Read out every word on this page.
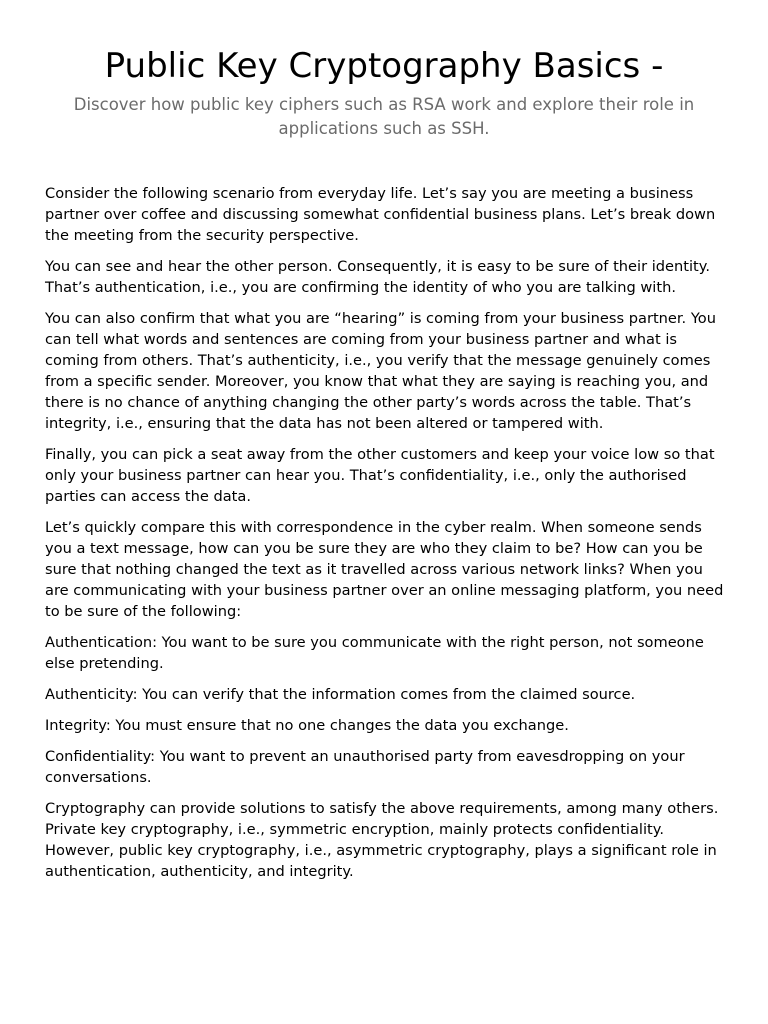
Public Key Cryptography Basics -

Discover how public key ciphers such as RSA work and explore their role in applications such as SSH.

Consider the following scenario from everyday life. Let’s say you are meeting a business partner over coffee and discussing somewhat confidential business plans. Let’s break down the meeting from the security perspective.

You can see and hear the other person. Consequently, it is easy to be sure of their identity. That’s authentication, i.e., you are confirming the identity of who you are talking with.

You can also confirm that what you are “hearing” is coming from your business partner. You can tell what words and sentences are coming from your business partner and what is coming from others. That’s authenticity, i.e., you verify that the message genuinely comes from a specific sender. Moreover, you know that what they are saying is reaching you, and there is no chance of anything changing the other party’s words across the table. That’s integrity, i.e., ensuring that the data has not been altered or tampered with.

Finally, you can pick a seat away from the other customers and keep your voice low so that only your business partner can hear you. That’s confidentiality, i.e., only the authorised parties can access the data.

Let’s quickly compare this with correspondence in the cyber realm. When someone sends you a text message, how can you be sure they are who they claim to be? How can you be sure that nothing changed the text as it travelled across various network links? When you are communicating with your business partner over an online messaging platform, you need to be sure of the following:

Authentication: You want to be sure you communicate with the right person, not someone else pretending.

Authenticity: You can verify that the information comes from the claimed source.

Integrity: You must ensure that no one changes the data you exchange.

Confidentiality: You want to prevent an unauthorised party from eavesdropping on your conversations.

Cryptography can provide solutions to satisfy the above requirements, among many others. Private key cryptography, i.e., symmetric encryption, mainly protects confidentiality. However, public key cryptography, i.e., asymmetric cryptography, plays a significant role in authentication, authenticity, and integrity.
